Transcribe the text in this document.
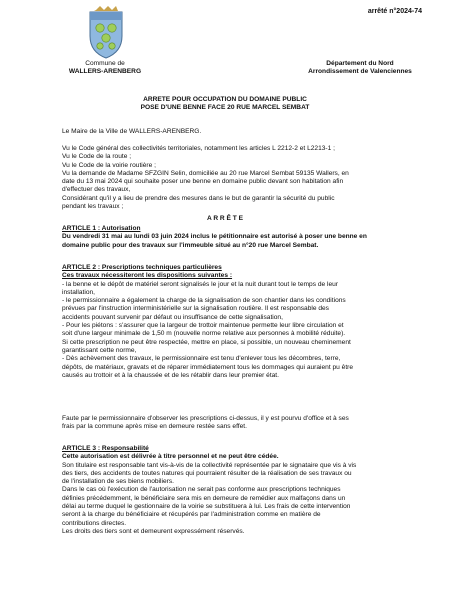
arrêté n°2024-74
Commune de
WALLERS-ARENBERG
Département du Nord
Arrondissement de Valenciennes
ARRETE POUR OCCUPATION DU DOMAINE PUBLIC
POSE D'UNE BENNE FACE 20 RUE MARCEL SEMBAT
Le Maire de la Ville de WALLERS-ARENBERG.
Vu le Code général des collectivités territoriales, notamment les articles L 2212-2 et L2213-1 ;
Vu le Code de la route ;
Vu le Code de la voirie routière ;
Vu la demande de Madame SFZGIN Selin, domiciliée au 20 rue Marcel Sembat 59135 Wallers, en
date du 13 mai 2024 qui souhaite poser une benne en domaine public devant son habitation afin
d'effectuer des travaux,
Considérant qu'il y a lieu de prendre des mesures dans le but de garantir la sécurité du public
pendant les travaux ;
A R R Ê T E
ARTICLE 1 : Autorisation
Du vendredi 31 mai au lundi 03 juin 2024 inclus le pétitionnaire est autorisé à poser une benne en
domaine public pour des travaux sur l'immeuble situé au n°20 rue Marcel Sembat.
ARTICLE 2 : Prescriptions techniques particulières
Ces travaux nécessiteront les dispositions suivantes :
- la benne et le dépôt de matériel seront signalisés le jour et la nuit durant tout le temps de leur
installation,
- le permissionnaire a également la charge de la signalisation de son chantier dans les conditions
prévues par l'instruction interministérielle sur la signalisation routière. Il est responsable des
accidents pouvant survenir par défaut ou insuffisance de cette signalisation,
- Pour les piétons : s'assurer que la largeur de trottoir maintenue permette leur libre circulation et
soit d'une largeur minimale de 1,50 m (nouvelle norme relative aux personnes à mobilité réduite).
Si cette prescription ne peut être respectée, mettre en place, si possible, un nouveau cheminement
garantissant cette norme,
- Dès achèvement des travaux, le permissionnaire est tenu d'enlever tous les décombres, terre,
dépôts, de matériaux, gravats et de réparer immédiatement tous les dommages qui auraient pu être
causés au trottoir et à la chaussée et de les rétablir dans leur premier état.
Faute par le permissionnaire d'observer les prescriptions ci-dessus, il y est pourvu d'office et à ses
frais par la commune après mise en demeure restée sans effet.
ARTICLE 3 : Responsabilité
Cette autorisation est délivrée à titre personnel et ne peut être cédée.
Son titulaire est responsable tant vis-à-vis de la collectivité représentée par le signataire que vis à vis
des tiers, des accidents de toutes natures qui pourraient résulter de la réalisation de ses travaux ou
de l'installation de ses biens mobiliers.
Dans le cas où l'exécution de l'autorisation ne serait pas conforme aux prescriptions techniques
définies précédemment, le bénéficiaire sera mis en demeure de remédier aux malfaçons dans un
délai au terme duquel le gestionnaire de la voirie se substituera à lui. Les frais de cette intervention
seront à la charge du bénéficiaire et récupérés par l'administration comme en matière de
contributions directes.
Les droits des tiers sont et demeurent expressément réservés.
